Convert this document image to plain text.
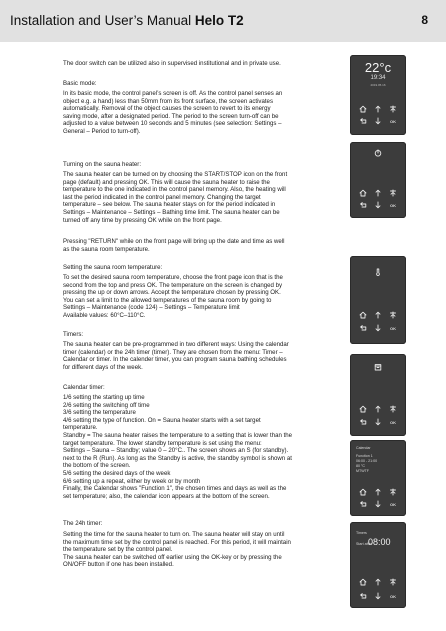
Installation and User’s Manual Helo T2	8
The door switch can be utilized also in supervised institutional and in private use.
Basic mode:
In its basic mode, the control panel’s screen is off. As the control panel senses an
object e.g. a hand) less than 50mm from its front surface, the screen activates
automatically. Removal of the object causes the screen to revert to its energy
saving mode, after a designated period. The period to the screen turn-off can be
adjusted to a value between 10 seconds and 5 minutes (see selection: Settings –
General – Period to turn-off).
Turning on the sauna heater:
The sauna heater can be turned on by choosing the START/STOP icon on the front
page (default) and pressing OK. This will cause the sauna heater to raise the
temperature to the one indicated in the control panel memory. Also, the heating will
last the period indicated in the control panel memory. Changing the target
temperature – see below. The sauna heater stays on for the period indicated in
Settings – Maintenance – Settings – Bathing time limit. The sauna heater can be
turned off any time by pressing OK while on the front page.
Pressing "RETURN" while on the front page will bring up the date and time as well
as the sauna room temperature.
Setting the sauna room temperature:
To set the desired sauna room temperature, choose the front page icon that is the
second from the top and press OK. The temperature on the screen is changed by
pressing the up or down arrows. Accept the temperature chosen by pressing OK.
You can set a limit to the allowed temperatures of the sauna room by going to
Settings – Maintenance (code 124) – Settings – Temperature limit
Available values: 60°C–110°C.
Timers:
The sauna heater can be pre-programmed in two different ways: Using the calendar
timer (calendar) or the 24h timer (timer). They are chosen from the menu: Timer –
Calendar or timer. In the calender timer, you can program sauna bathing schedules
for different days of the week.
Calendar timer:
1/6 setting the starting up time
2/6 setting the switching off time
3/6 setting the temperature
4/6 setting the type of function. On = Sauna heater starts with a set target
temperature.
Standby = The sauna heater raises the temperature to a setting that is lower than the
target temperature. The lower standby temperature is set using the menu:
Settings – Sauna – Standby; value 0 – 20°C.. The screen shows an S (for standby).
next to the R (Run). As long as the Standby is active, the standby symbol is shown at
the bottom of the screen.
5/6 setting the desired days of the week
6/6 setting up a repeat, either by week or by month
Finally, the Calendar shows "Function 1", the chosen times and days as well as the
set temperature; also, the calendar icon appears at the bottom of the screen.
The 24h timer:
Setting the time for the sauna heater to turn on. The sauna heater will stay on until
the maximum time set by the control panel is reached. For this period, it will maintain
the temperature set by the control panel.
The sauna heater can be switched off earlier using the OK-key or by pressing the
ON/OFF button if one has been installed.
22°c
19:34
2019.05.16
OK
OK
OK
OK
Calendar
Function 1
06:00 - 21:00
80 °C
MTWTF
OK
Timers
Start after
08:00
OK
